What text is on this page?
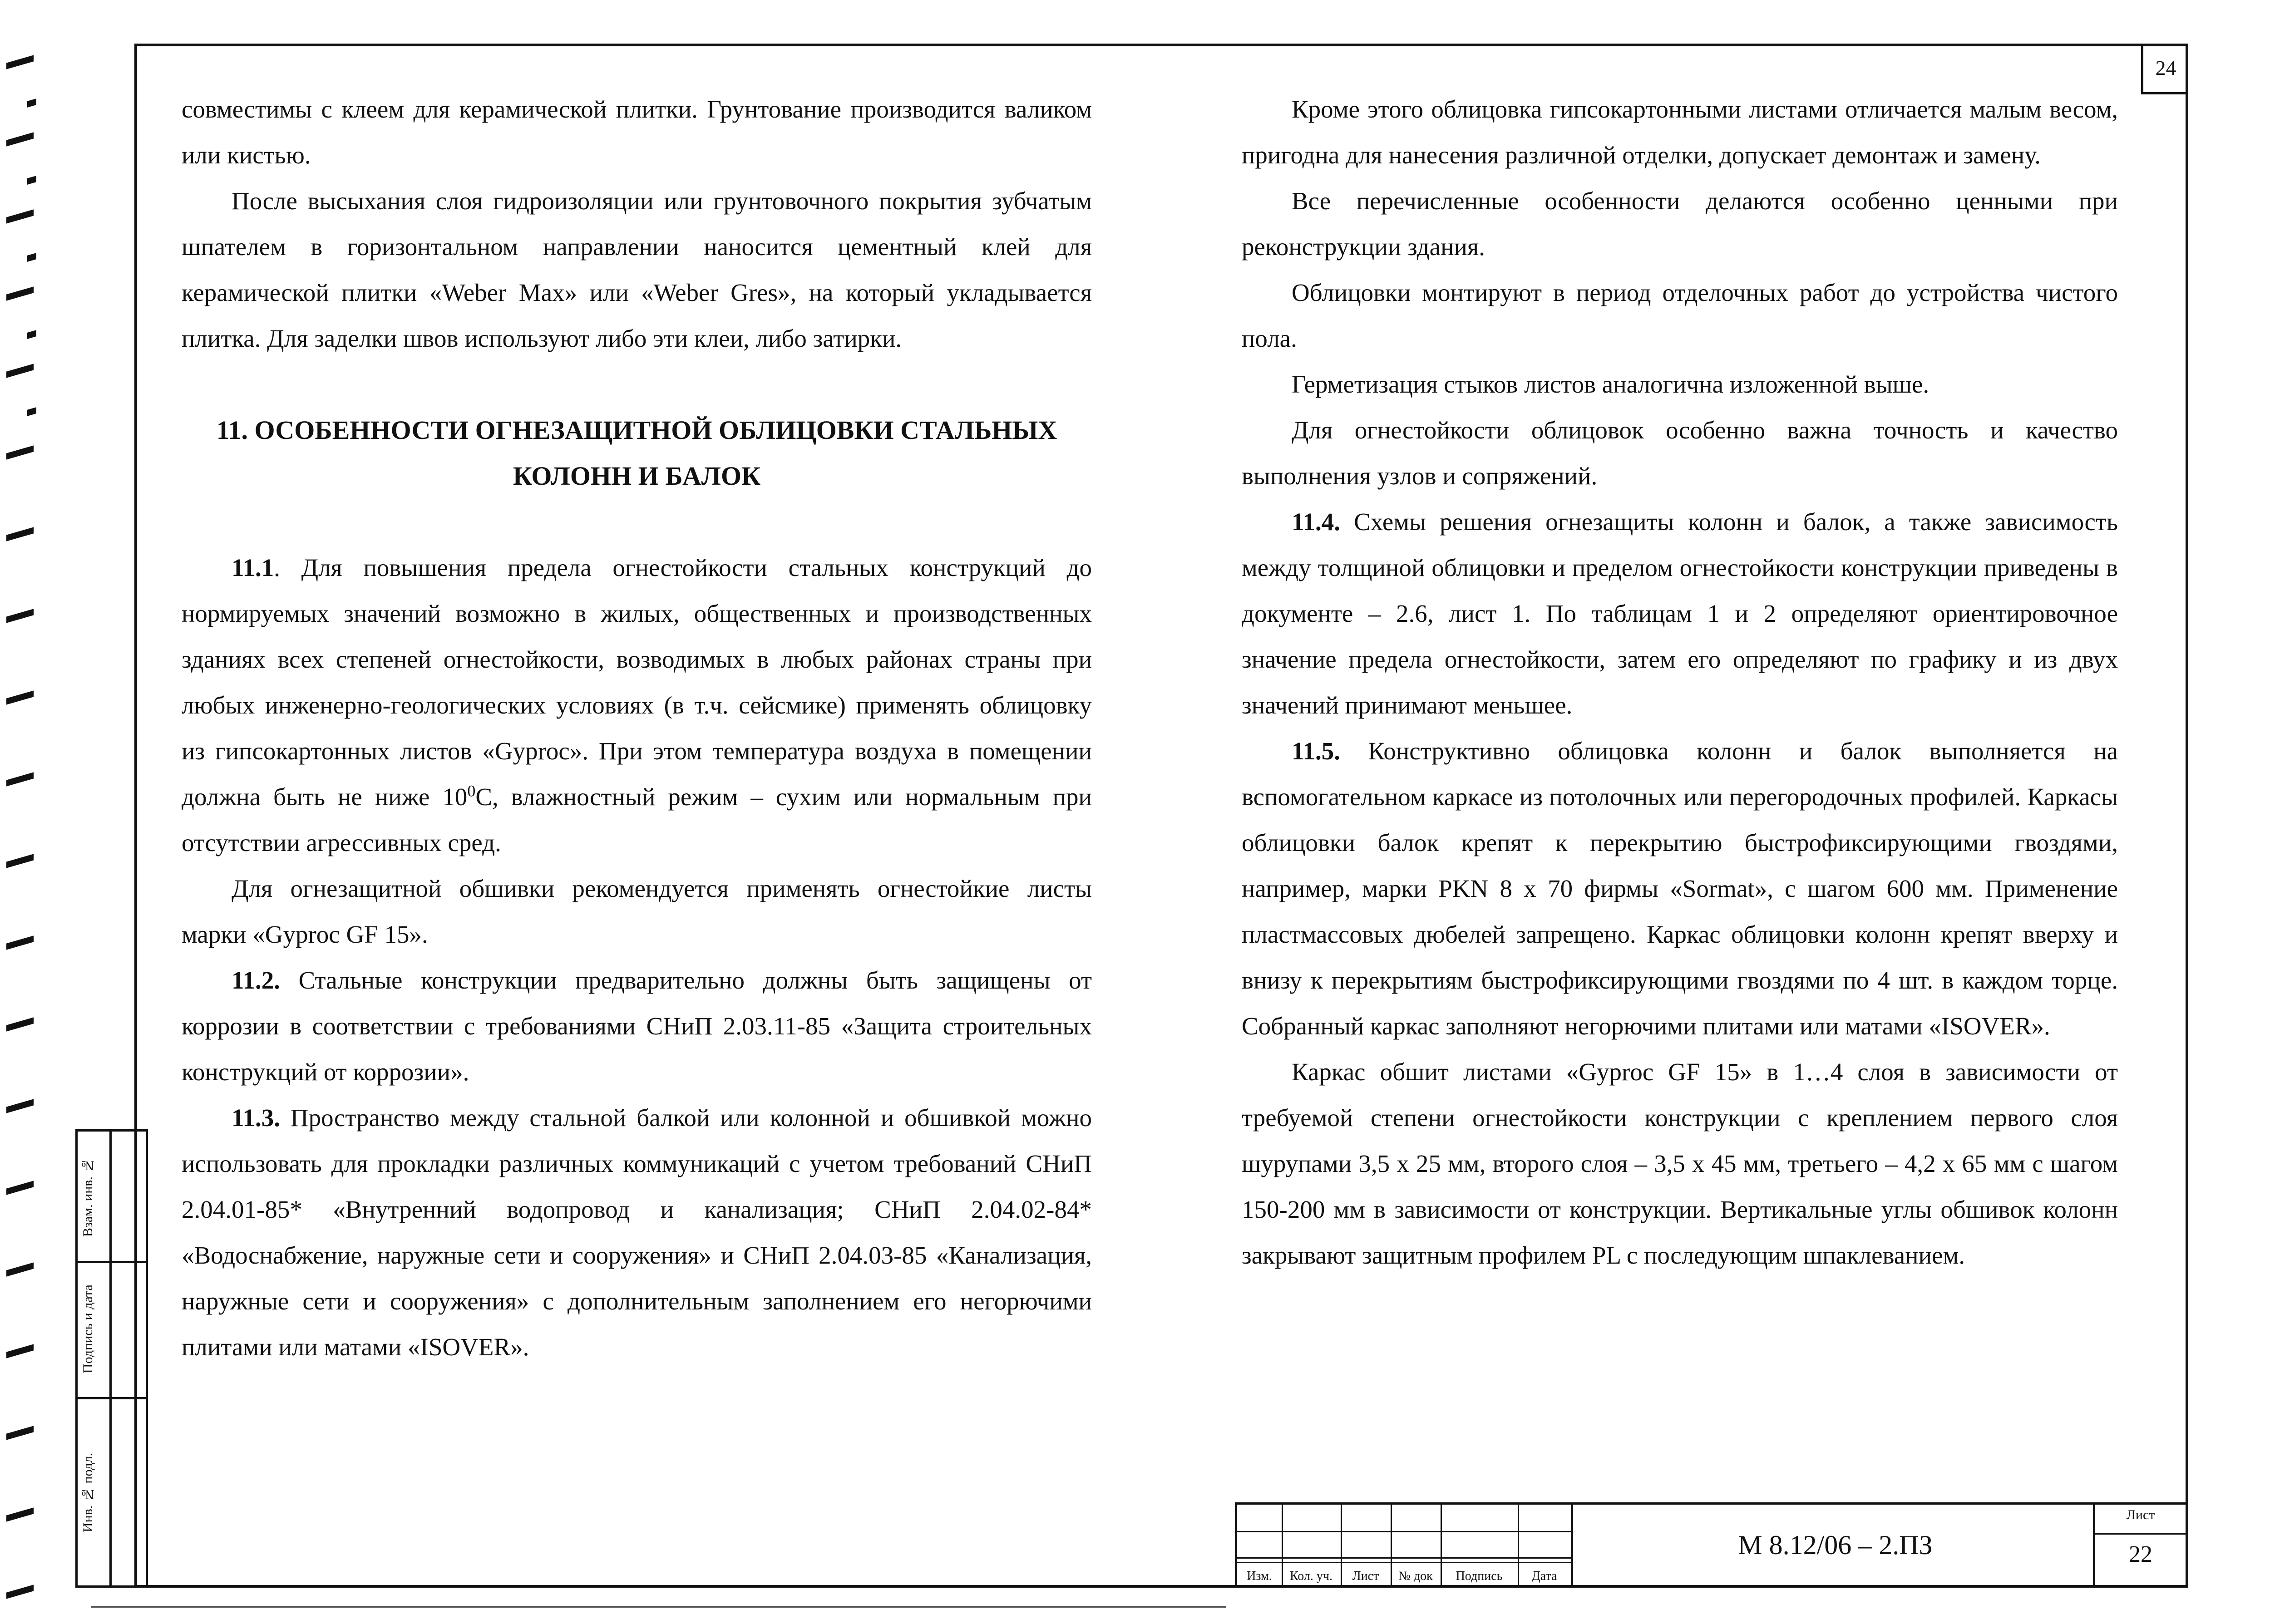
24

совместимы с клеем для керамической плитки. Грунтование производится валиком или кистью.

После высыхания слоя гидроизоляции или грунтовочного покрытия зубчатым шпателем в горизонтальном направлении наносится цементный клей для керамической плитки «Weber Max» или «Weber Gres», на который укладывается плитка. Для заделки швов используют либо эти клеи, либо затирки.

11. ОСОБЕННОСТИ ОГНЕЗАЩИТНОЙ ОБЛИЦОВКИ СТАЛЬНЫХ
КОЛОНН И БАЛОК

11.1. Для повышения предела огнестойкости стальных конструкций до нормируемых значений возможно в жилых, общественных и производственных зданиях всех степеней огнестойкости, возводимых в любых районах страны при любых инженерно-геологических условиях (в т.ч. сейсмике) применять облицовку из гипсокартонных листов «Gyproc». При этом температура воздуха в помещении должна быть не ниже $10^0С$, влажностный режим – сухим или нормальным при отсутствии агрессивных сред.

Для огнезащитной обшивки рекомендуется применять огнестойкие листы марки «Gyproc GF 15».

11.2. Стальные конструкции предварительно должны быть защищены от коррозии в соответствии с требованиями СНиП 2.03.11-85 «Защита строительных конструкций от коррозии».

11.3. Пространство между стальной балкой или колонной и обшивкой можно использовать для прокладки различных коммуникаций с учетом требований СНиП 2.04.01-85* «Внутренний водопровод и канализация; СНиП 2.04.02-84* «Водоснабжение, наружные сети и сооружения» и СНиП 2.04.03-85 «Канализация, наружные сети и сооружения» с дополнительным заполнением его негорючими плитами или матами «ISOVER».

Кроме этого облицовка гипсокартонными листами отличается малым весом, пригодна для нанесения различной отделки, допускает демонтаж и замену.

Все перечисленные особенности делаются особенно ценными при реконструкции здания.

Облицовки монтируют в период отделочных работ до устройства чистого пола.

Герметизация стыков листов аналогична изложенной выше.

Для огнестойкости облицовок особенно важна точность и качество выполнения узлов и сопряжений.

11.4. Схемы решения огнезащиты колонн и балок, а также зависимость между толщиной облицовки и пределом огнестойкости конструкции приведены в документе – 2.6, лист 1. По таблицам 1 и 2 определяют ориентировочное значение предела огнестойкости, затем его определяют по графику и из двух значений принимают меньшее.

11.5. Конструктивно облицовка колонн и балок выполняется на вспомогательном каркасе из потолочных или перегородочных профилей. Каркасы облицовки балок крепят к перекрытию быстрофиксирующими гвоздями, например, марки PKN 8 х 70 фирмы «Sormat», с шагом 600 мм. Применение пластмассовых дюбелей запрещено. Каркас облицовки колонн крепят вверху и внизу к перекрытиям быстрофиксирующими гвоздями по 4 шт. в каждом торце. Собранный каркас заполняют негорючими плитами или матами «ISOVER».

Каркас обшит листами «Gyproc GF 15» в 1…4 слоя в зависимости от требуемой степени огнестойкости конструкции с креплением первого слоя шурупами 3,5 х 25 мм, второго слоя – 3,5 х 45 мм, третьего – 4,2 х 65 мм с шагом 150-200 мм в зависимости от конструкции. Вертикальные углы обшивок колонн закрывают защитным профилем PL с последующим шпаклеванием.

Взам. инв. №
Подпись и дата
Инв. № подл.
Изм.	Кол. уч.	Лист	№ док	Подпись	Дата
М 8.12/06 – 2.ПЗ
Лист
22
